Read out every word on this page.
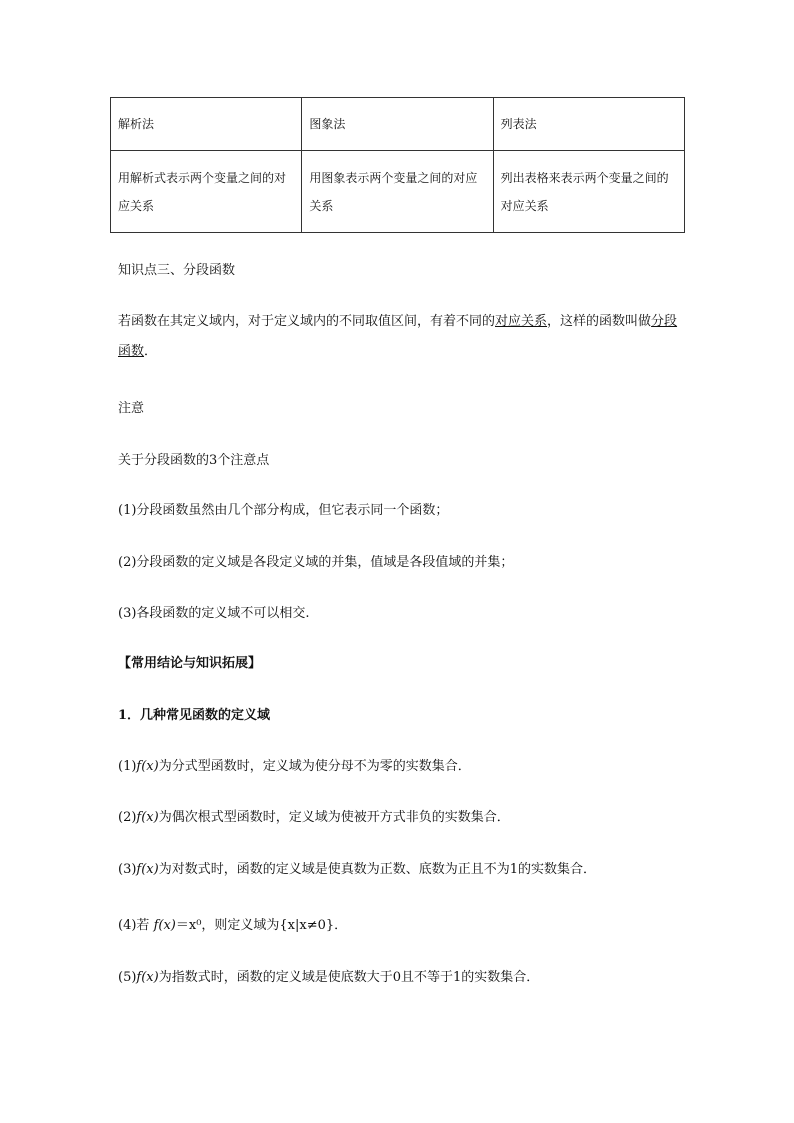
解析法	图象法	列表法
用解析式表示两个变量之间的对应关系	用图象表示两个变量之间的对应关系	列出表格来表示两个变量之间的对应关系
知识点三、分段函数
若函数在其定义域内，对于定义域内的不同取值区间，有着不同的对应关系，这样的函数叫做分段函数．
注意
关于分段函数的3个注意点
(1)分段函数虽然由几个部分构成，但它表示同一个函数；
(2)分段函数的定义域是各段定义域的并集，值域是各段值域的并集；
(3)各段函数的定义域不可以相交.
【常用结论与知识拓展】
1．几种常见函数的定义域
(1)f(x)为分式型函数时，定义域为使分母不为零的实数集合．
(2)f(x)为偶次根式型函数时，定义域为使被开方式非负的实数集合．
(3)f(x)为对数式时，函数的定义域是使真数为正数、底数为正且不为1的实数集合．
(4)若 f(x)＝x⁰，则定义域为{x|x≠0}．
(5)f(x)为指数式时，函数的定义域是使底数大于0且不等于1的实数集合．
